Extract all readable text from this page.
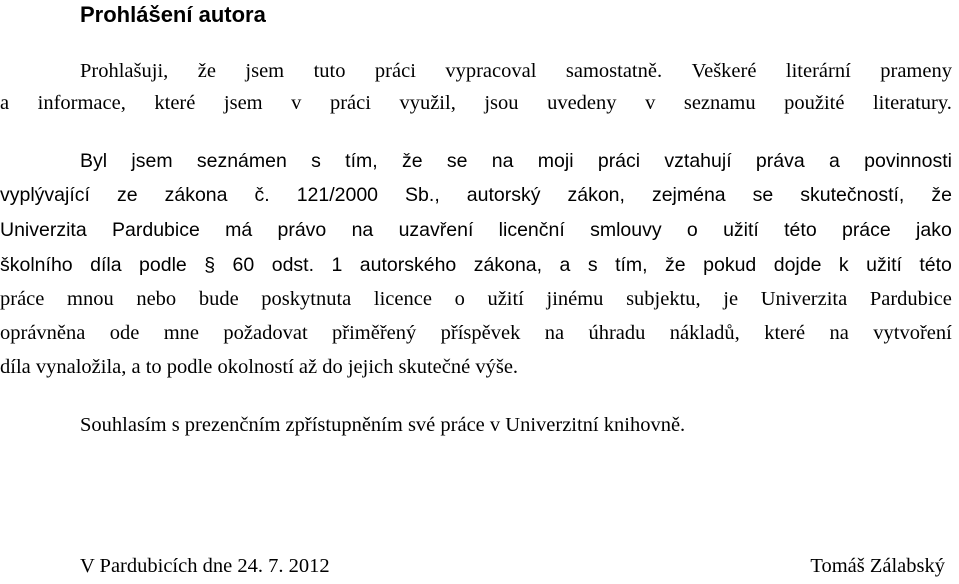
Prohlášení autora
Prohlašuji, že jsem tuto práci vypracoval samostatně. Veškeré literární prameny
a informace, které jsem v práci využil, jsou uvedeny v seznamu použité literatury.
Byl jsem seznámen s tím, že se na moji práci vztahují práva a povinnosti
vyplývající ze zákona č. 121/2000 Sb., autorský zákon, zejména se skutečností, že
Univerzita Pardubice má právo na uzavření licenční smlouvy o užití této práce jako
školního díla podle § 60 odst. 1 autorského zákona, a s tím, že pokud dojde k užití této
práce mnou nebo bude poskytnuta licence o užití jinému subjektu, je Univerzita Pardubice
oprávněna ode mne požadovat přiměřený příspěvek na úhradu nákladů, které na vytvoření
díla vynaložila, a to podle okolností až do jejich skutečné výše.
Souhlasím s prezenčním zpřístupněním své práce v Univerzitní knihovně.
V Pardubicích dne 24. 7. 2012	Tomáš Zálabský
